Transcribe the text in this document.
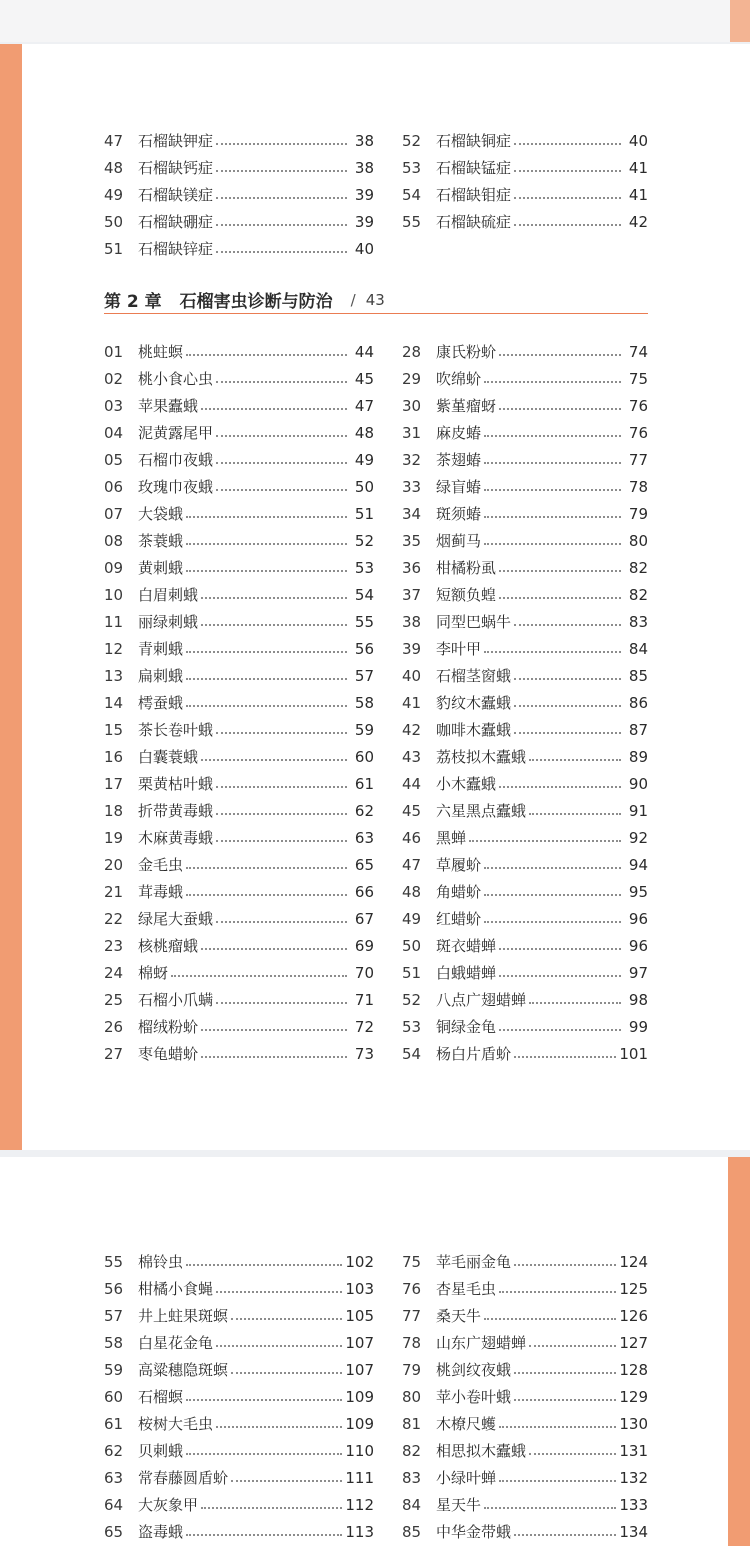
47 石榴缺钾症	38
48 石榴缺钙症	38
49 石榴缺镁症	39
50 石榴缺硼症	39
51 石榴缺锌症	40
52 石榴缺铜症	40
53 石榴缺锰症	41
54 石榴缺钼症	41
55 石榴缺硫症	42
第 2 章 石榴害虫诊断与防治 / 43
01 桃蛀螟	44
02 桃小食心虫	45
03 苹果蠹蛾	47
04 泥黄露尾甲	48
05 石榴巾夜蛾	49
06 玫瑰巾夜蛾	50
07 大袋蛾	51
08 茶蓑蛾	52
09 黄刺蛾	53
10 白眉刺蛾	54
11 丽绿刺蛾	55
12 青刺蛾	56
13 扁刺蛾	57
14 樗蚕蛾	58
15 茶长卷叶蛾	59
16 白囊蓑蛾	60
17 栗黄枯叶蛾	61
18 折带黄毒蛾	62
19 木麻黄毒蛾	63
20 金毛虫	65
21 茸毒蛾	66
22 绿尾大蚕蛾	67
23 核桃瘤蛾	69
24 棉蚜	70
25 石榴小爪螨	71
26 榴绒粉蚧	72
27 枣龟蜡蚧	73
28 康氏粉蚧	74
29 吹绵蚧	75
30 紫堇瘤蚜	76
31 麻皮蝽	76
32 茶翅蝽	77
33 绿盲蝽	78
34 斑须蝽	79
35 烟蓟马	80
36 柑橘粉虱	82
37 短额负蝗	82
38 同型巴蜗牛	83
39 李叶甲	84
40 石榴茎窗蛾	85
41 豹纹木蠹蛾	86
42 咖啡木蠹蛾	87
43 荔枝拟木蠹蛾	89
44 小木蠹蛾	90
45 六星黑点蠹蛾	91
46 黑蝉	92
47 草履蚧	94
48 角蜡蚧	95
49 红蜡蚧	96
50 斑衣蜡蝉	96
51 白蛾蜡蝉	97
52 八点广翅蜡蝉	98
53 铜绿金龟	99
54 杨白片盾蚧	101
55 棉铃虫	102
56 柑橘小食蝇	103
57 井上蛀果斑螟	105
58 白星花金龟	107
59 高粱穗隐斑螟	107
60 石榴螟	109
61 桉树大毛虫	109
62 贝刺蛾	110
63 常春藤圆盾蚧	111
64 大灰象甲	112
65 盗毒蛾	113
75 苹毛丽金龟	124
76 杏星毛虫	125
77 桑天牛	126
78 山东广翅蜡蝉	127
79 桃剑纹夜蛾	128
80 苹小卷叶蛾	129
81 木橑尺蠖	130
82 相思拟木蠹蛾	131
83 小绿叶蝉	132
84 星天牛	133
85 中华金带蛾	134
